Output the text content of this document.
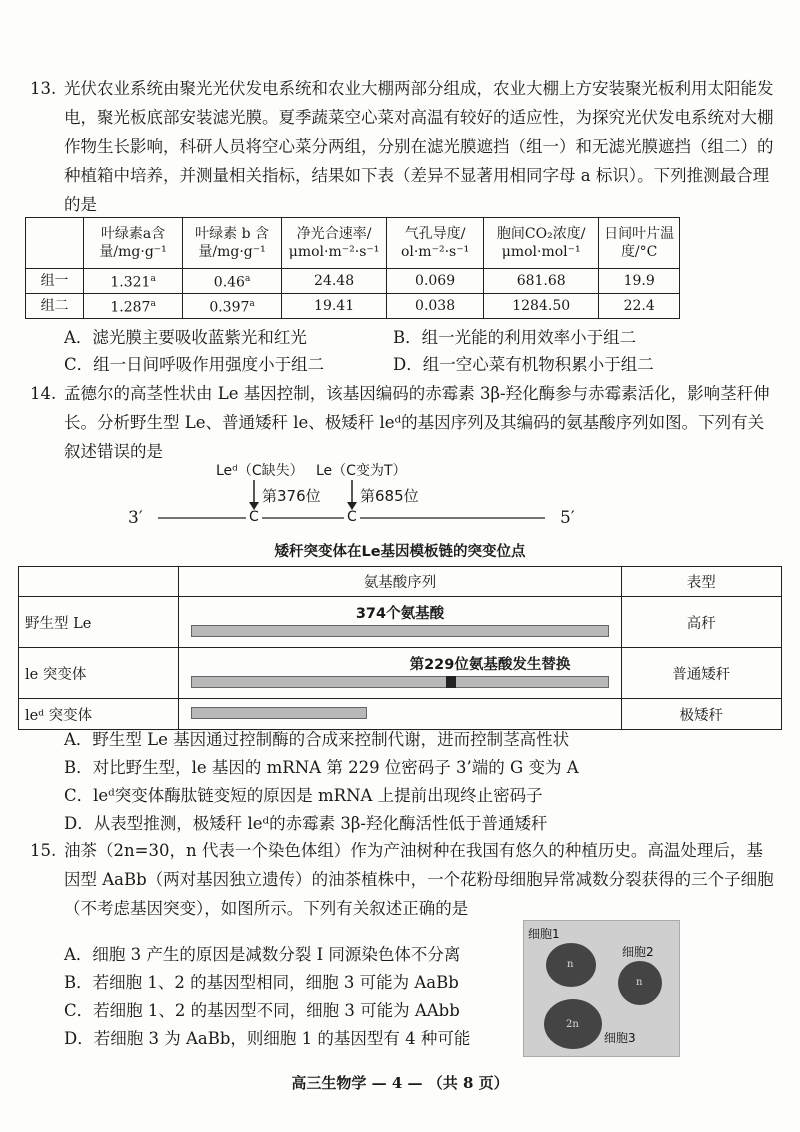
13. 光伏农业系统由聚光光伏发电系统和农业大棚两部分组成，农业大棚上方安装聚光板利用太阳能发电，聚光板底部安装滤光膜。夏季蔬菜空心菜对高温有较好的适应性，为探究光伏发电系统对大棚作物生长影响，科研人员将空心菜分两组，分别在滤光膜遮挡（组一）和无滤光膜遮挡（组二）的种植箱中培养，并测量相关指标，结果如下表（差异不显著用相同字母 a 标识）。下列推测最合理的是
	叶绿素a含量/mg·g⁻¹	叶绿素 b 含量/mg·g⁻¹	净光合速率/μmol·m⁻²·s⁻¹	气孔导度/ ol·m⁻²·s⁻¹	胞间CO₂浓度/μmol·mol⁻¹	日间叶片温度/°C
组一	1.321$^a$	0.46$^a$	24.48	0.069	681.68	19.9
组二	1.287$^a$	0.397$^a$	19.41	0.038	1284.50	22.4
A．滤光膜主要吸收蓝紫光和红光	B．组一光能的利用效率小于组二
C．组一日间呼吸作用强度小于组二	D．组一空心菜有机物积累小于组二
14. 孟德尔的高茎性状由 Le 基因控制，该基因编码的赤霉素 3β-羟化酶参与赤霉素活化，影响茎秆伸长。分析野生型 Le、普通矮秆 le、极矮秆 leᵈ的基因序列及其编码的氨基酸序列如图。下列有关叙述错误的是
Leᵈ（C缺失） Le（C变为T）
第376位	第685位
3′	C	C	5′
矮秆突变体在Le基因模板链的突变位点
	氨基酸序列	表型
野生型 Le	374个氨基酸	高秆
le 突变体	第229位氨基酸发生替换	普通矮秆
leᵈ 突变体		极矮秆
A．野生型 Le 基因通过控制酶的合成来控制代谢，进而控制茎高性状
B．对比野生型，le 基因的 mRNA 第 229 位密码子 3’端的 G 变为 A
C．leᵈ突变体酶肽链变短的原因是 mRNA 上提前出现终止密码子
D．从表型推测，极矮秆 leᵈ的赤霉素 3β-羟化酶活性低于普通矮秆
15. 油茶（2n=30，n 代表一个染色体组）作为产油树种在我国有悠久的种植历史。高温处理后，基因型 AaBb（两对基因独立遗传）的油茶植株中，一个花粉母细胞异常减数分裂获得的三个子细胞（不考虑基因突变），如图所示。下列有关叙述正确的是
A．细胞 3 产生的原因是减数分裂 I 同源染色体不分离
B．若细胞 1、2 的基因型相同，细胞 3 可能为 AaBb
C．若细胞 1、2 的基因型不同，细胞 3 可能为 AAbb
D．若细胞 3 为 AaBb，则细胞 1 的基因型有 4 种可能
细胞1
细胞2
细胞3
n
n
2n
高三生物学 — 4 — （共 8 页）
